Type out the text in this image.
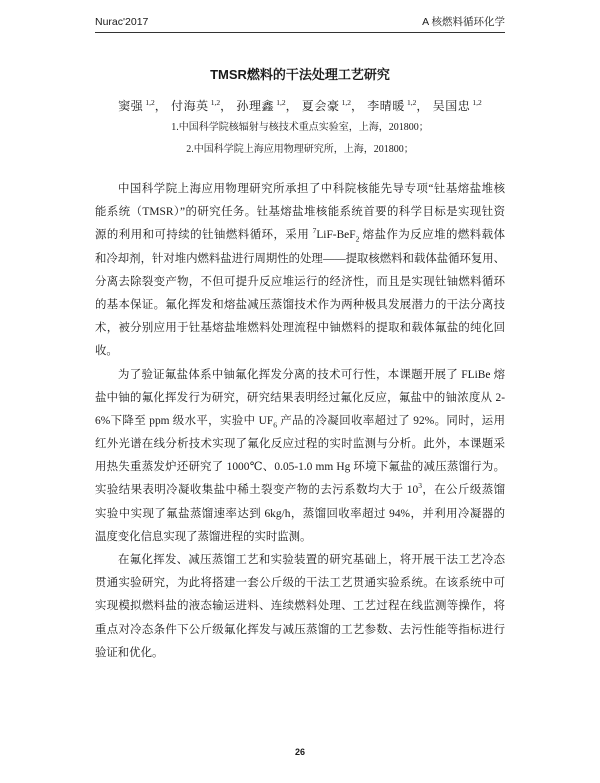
Nurac'2017	A 核燃料循环化学
TMSR燃料的干法处理工艺研究
窦强 $^{1,2}$， 付海英 $^{1,2}$， 孙理鑫 $^{1,2}$， 夏会豪 $^{1,2}$， 李晴暖 $^{1,2}$， 吴国忠 $^{1,2}$
1.中国科学院核辐射与核技术重点实验室，上海，201800；
2.中国科学院上海应用物理研究所，上海，201800；
中国科学院上海应用物理研究所承担了中科院核能先导专项“钍基熔盐堆核
能系统（TMSR）”的研究任务。钍基熔盐堆核能系统首要的科学目标是实现钍资
源的利用和可持续的钍铀燃料循环，采用 $^7$LiF-BeF$_2$ 熔盐作为反应堆的燃料载体
和冷却剂，针对堆内燃料盐进行周期性的处理——提取核燃料和载体盐循环复用、
分离去除裂变产物，不但可提升反应堆运行的经济性，而且是实现钍铀燃料循环
的基本保证。氟化挥发和熔盐减压蒸馏技术作为两种极具发展潜力的干法分离技
术，被分别应用于钍基熔盐堆燃料处理流程中铀燃料的提取和载体氟盐的纯化回
收。
为了验证氟盐体系中铀氟化挥发分离的技术可行性，本课题开展了 FLiBe 熔
盐中铀的氟化挥发行为研究，研究结果表明经过氟化反应，氟盐中的铀浓度从 2-
6%下降至 ppm 级水平，实验中 $UF_6$ 产品的冷凝回收率超过了 92%。同时，运用
红外光谱在线分析技术实现了氟化反应过程的实时监测与分析。此外，本课题采
用热失重蒸发炉还研究了 1000℃、0.05-1.0 mm Hg 环境下氟盐的减压蒸馏行为。
实验结果表明冷凝收集盐中稀土裂变产物的去污系数均大于 $10^3$，在公斤级蒸馏
实验中实现了氟盐蒸馏速率达到 6kg/h，蒸馏回收率超过 94%，并利用冷凝器的
温度变化信息实现了蒸馏进程的实时监测。
在氟化挥发、减压蒸馏工艺和实验装置的研究基础上，将开展干法工艺冷态
贯通实验研究，为此将搭建一套公斤级的干法工艺贯通实验系统。在该系统中可
实现模拟燃料盐的液态输运进料、连续燃料处理、工艺过程在线监测等操作，将
重点对冷态条件下公斤级氟化挥发与减压蒸馏的工艺参数、去污性能等指标进行
验证和优化。
26
